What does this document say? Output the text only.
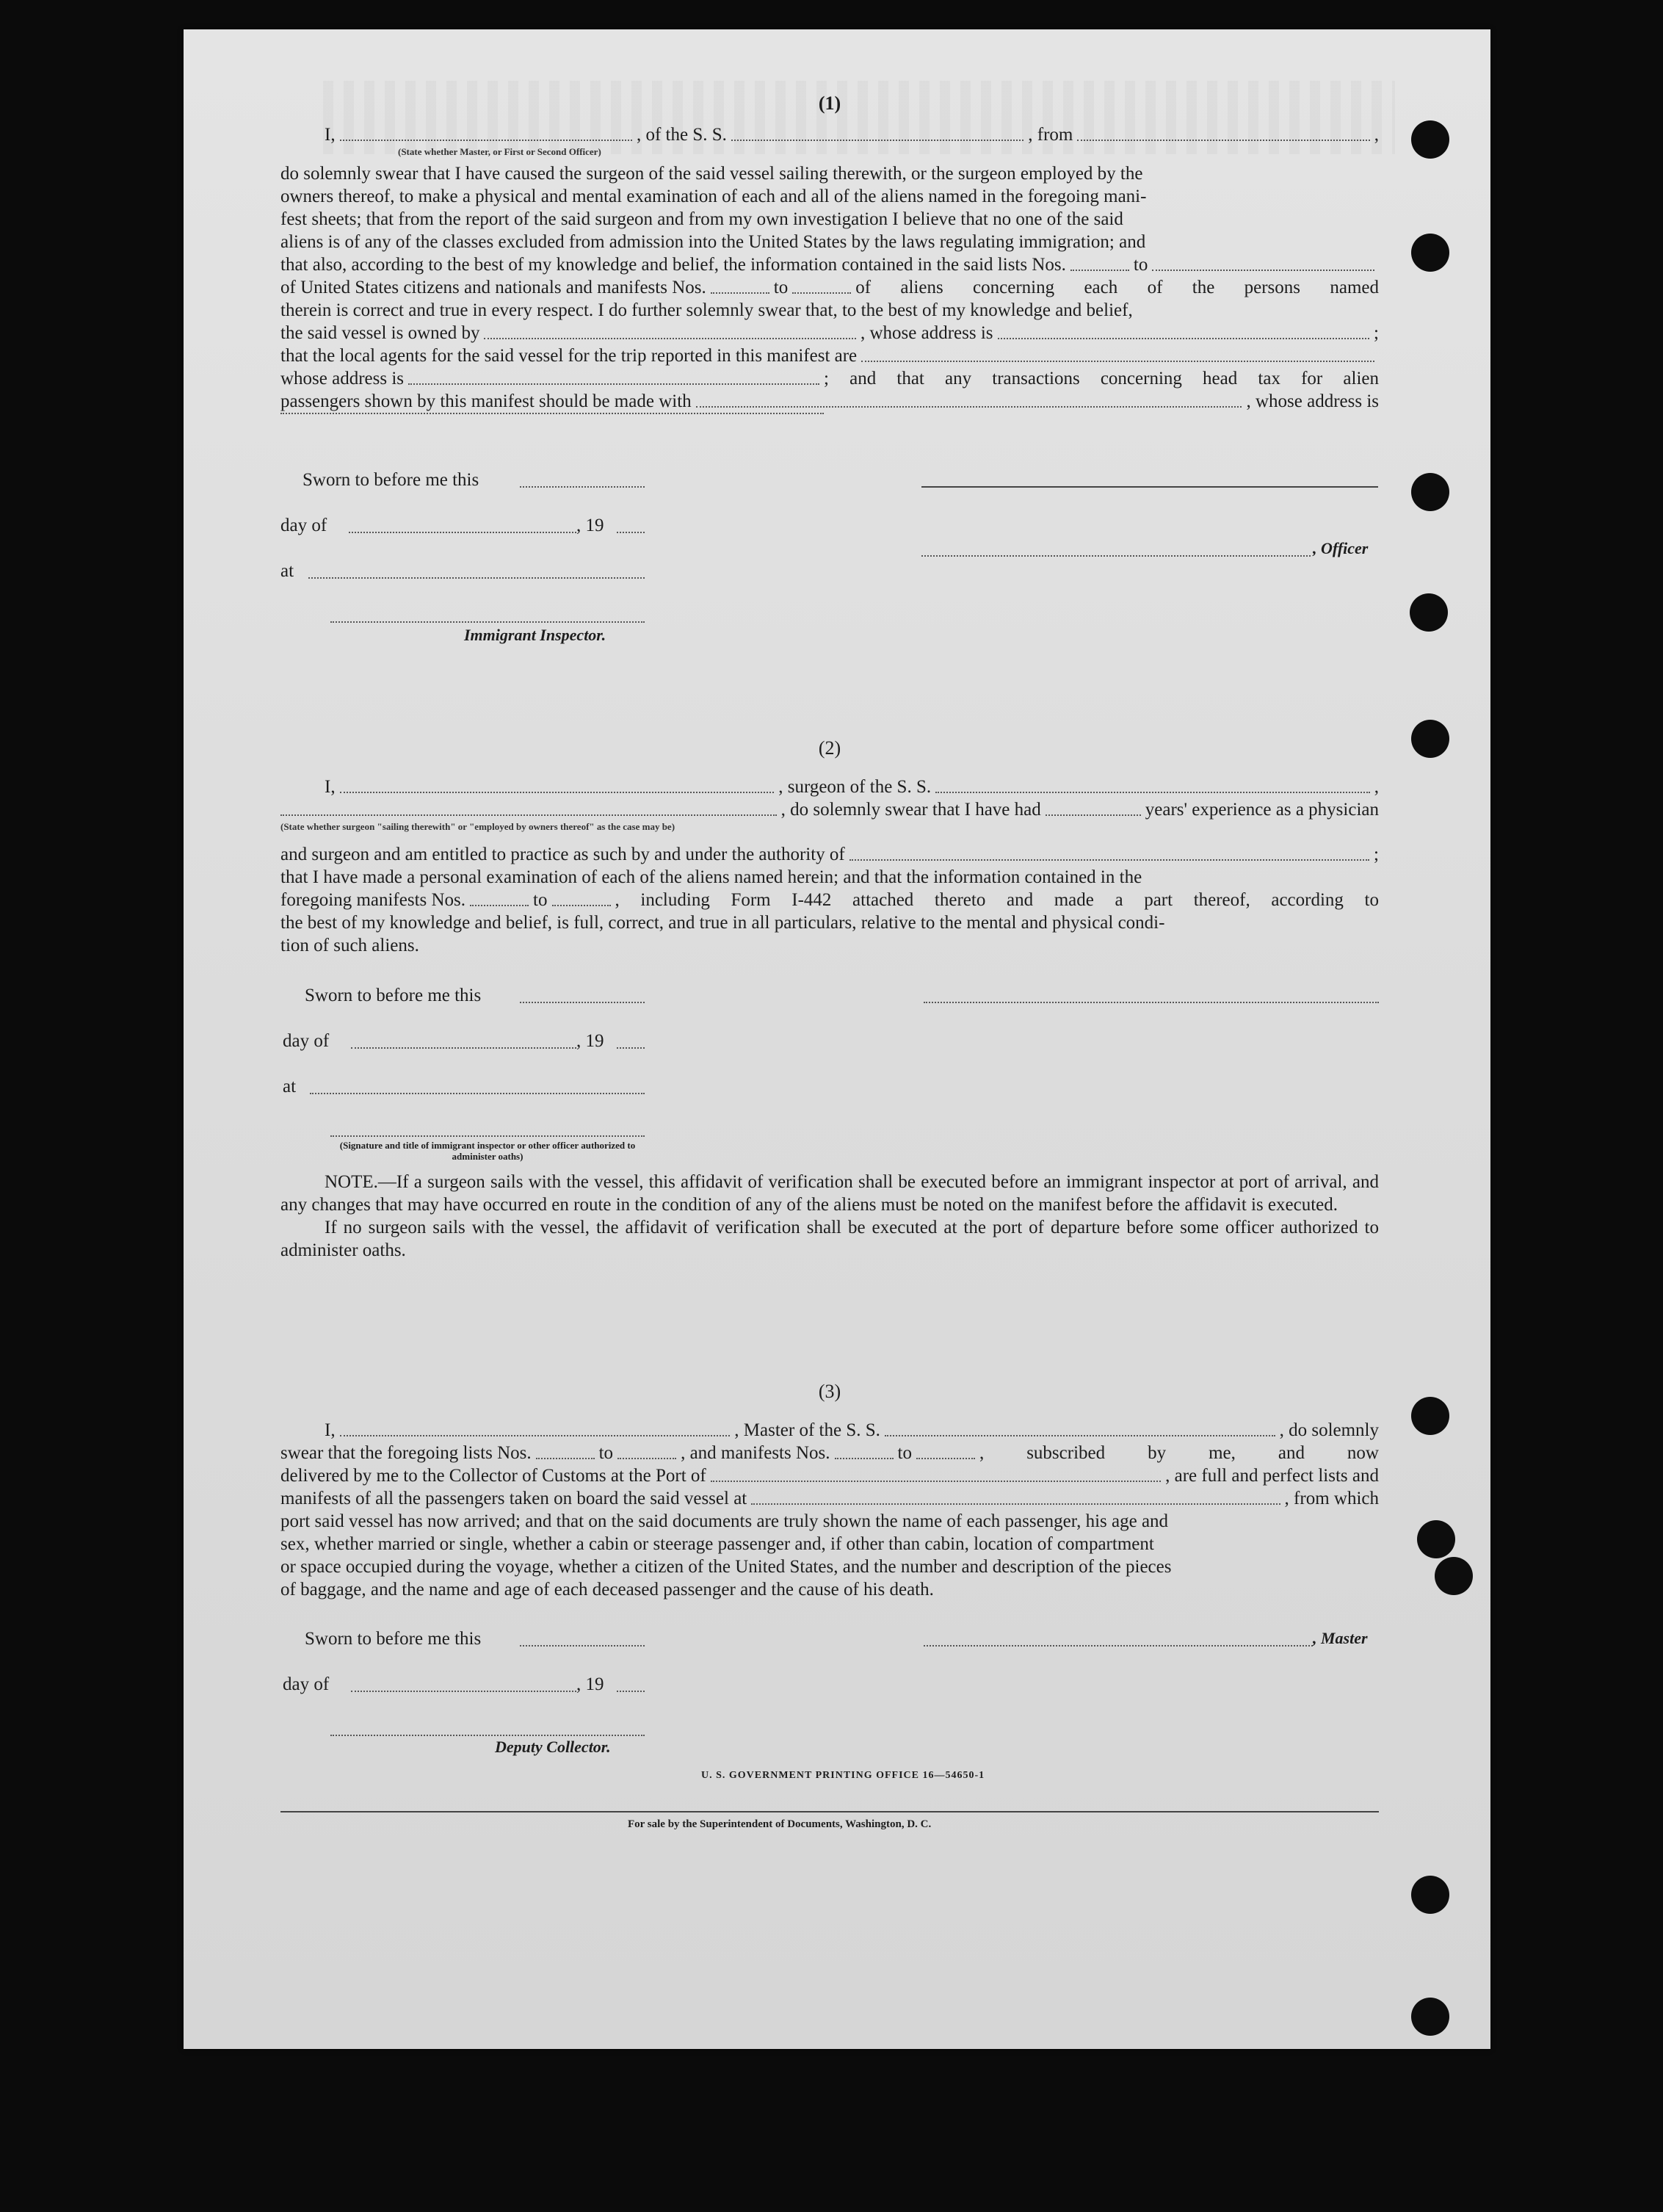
(1)

I,	, of the S. S.	, from	,
(State whether Master, or First or Second Officer)

do solemnly swear that I have caused the surgeon of the said vessel sailing therewith, or the surgeon employed by the

owners thereof, to make a physical and mental examination of each and all of the aliens named in the foregoing mani-

fest sheets; that from the report of the said surgeon and from my own investigation I believe that no one of the said

aliens is of any of the classes excluded from admission into the United States by the laws regulating immigration; and

that also, according to the best of my knowledge and belief, the information contained in the said lists Nos.	to
of United States citizens and nationals and manifests Nos.	to	of aliens concerning each of the persons named

therein is correct and true in every respect. I do further solemnly swear that, to the best of my knowledge and belief,

the said vessel is owned by	, whose address is	;
that the local agents for the said vessel for the trip reported in this manifest are
whose address is	; and that any transactions concerning head tax for alien
passengers shown by this manifest should be made with	, whose address is
Sworn to before me this
day of	, 19
, Officer
at
Immigrant Inspector.

(2)

I,	, surgeon of the S. S.	,
, do solemnly swear that I have had	years' experience as a physician
(State whether surgeon "sailing therewith" or "employed by owners thereof" as the case may be)
and surgeon and am entitled to practice as such by and under the authority of	;

that I have made a personal examination of each of the aliens named herein; and that the information contained in the

foregoing manifests Nos.	to	, including Form I-442 attached thereto and made a part thereof, according to

the best of my knowledge and belief, is full, correct, and true in all particulars, relative to the mental and physical condi-

tion of such aliens.

Sworn to before me this
day of	, 19
at
(Signature and title of immigrant inspector or other officer authorized to administer oaths)

NOTE.—If a surgeon sails with the vessel, this affidavit of verification shall be executed before an immigrant inspector at port of arrival, and any changes that may have occurred en route in the condition of any of the aliens must be noted on the manifest before the affidavit is executed.

If no surgeon sails with the vessel, the affidavit of verification shall be executed at the port of departure before some officer authorized to administer oaths.

(3)

I,	, Master of the S. S.	, do solemnly
swear that the foregoing lists Nos.	to	, and manifests Nos.	to	, subscribed by me, and now
delivered by me to the Collector of Customs at the Port of	, are full and perfect lists and
manifests of all the passengers taken on board the said vessel at	, from which

port said vessel has now arrived; and that on the said documents are truly shown the name of each passenger, his age and

sex, whether married or single, whether a cabin or steerage passenger and, if other than cabin, location of compartment

or space occupied during the voyage, whether a citizen of the United States, and the number and description of the pieces

of baggage, and the name and age of each deceased passenger and the cause of his death.

Sworn to before me this	, Master
day of	, 19
Deputy Collector.
U. S. GOVERNMENT PRINTING OFFICE 16—54650-1
For sale by the Superintendent of Documents, Washington, D. C.
